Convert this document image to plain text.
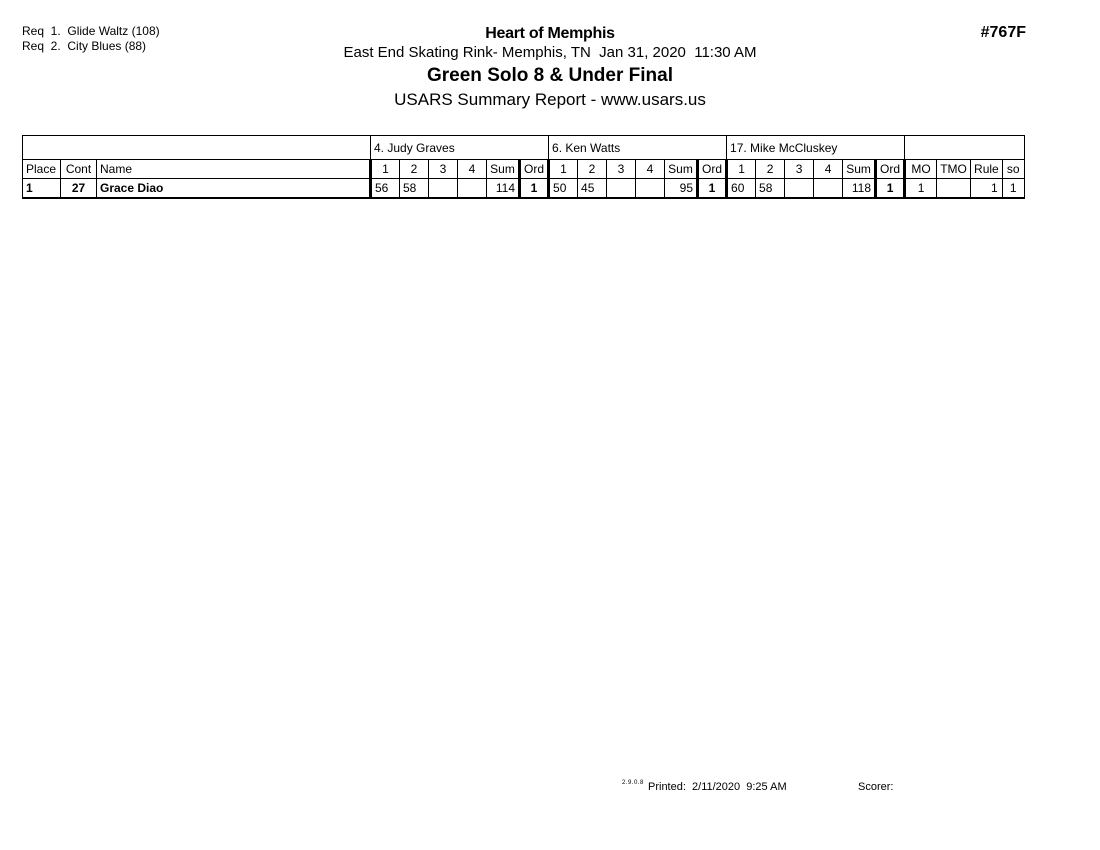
Req  1.  Glide Waltz (108)
Req  2.  City Blues (88)
Heart of Memphis
East End Skating Rink- Memphis, TN  Jan 31, 2020  11:30 AM
Green Solo 8 & Under Final
USARS Summary Report - www.usars.us
#767F
			4. Judy Graves						6. Ken Watts						17. Mike McCluskey									
Place	Cont	Name	1	2	3	4	Sum	Ord	1	2	3	4	Sum	Ord	1	2	3	4	Sum	Ord	MO	TMO	Rule	so
1	27	Grace Diao	56	58			114	1	50	45			95	1	60	58			118	1	1		1	1
2.9.0.8 Printed:  2/11/2020  9:25 AM	Scorer:
